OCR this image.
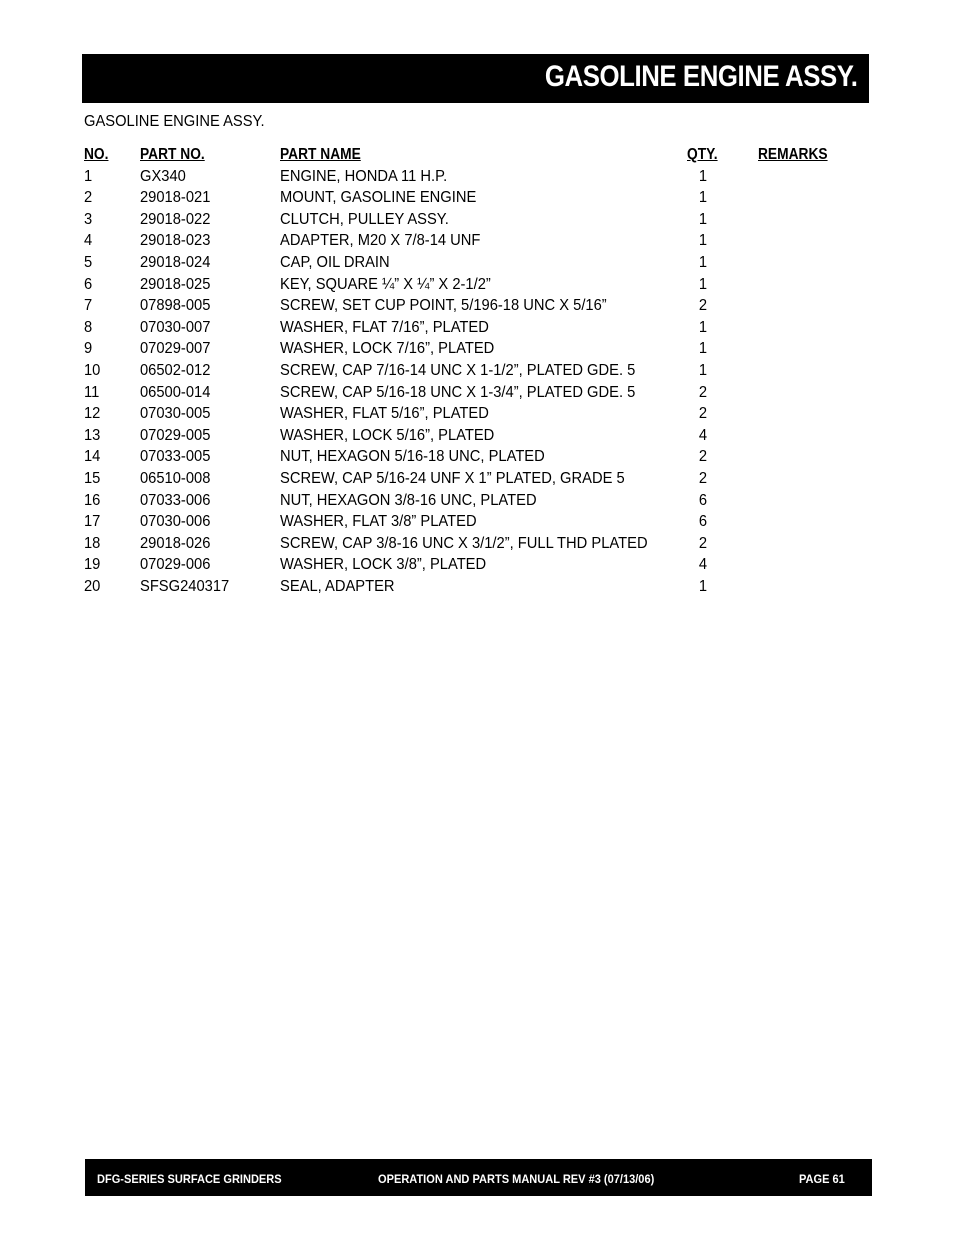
GASOLINE ENGINE ASSY.
GASOLINE ENGINE ASSY.
NO. PART NO.	PART NAME	QTY.	REMARKS
1	GX340	ENGINE, HONDA 11 H.P.	1
2	29018-021	MOUNT, GASOLINE ENGINE	1
3	29018-022	CLUTCH, PULLEY ASSY.	1
4	29018-023	ADAPTER, M20 X 7/8-14 UNF	1
5	29018-024	CAP, OIL DRAIN	1
6	29018-025	KEY, SQUARE ¼” X ¼” X 2-1/2”	1
7	07898-005	SCREW, SET CUP POINT, 5/196-18 UNC X 5/16”	2
8	07030-007	WASHER, FLAT 7/16”, PLATED	1
9	07029-007	WASHER, LOCK 7/16”, PLATED	1
10 06502-012	SCREW, CAP 7/16-14 UNC X 1-1/2”, PLATED GDE. 5	1
11	06500-014	SCREW, CAP 5/16-18 UNC X 1-3/4”, PLATED GDE. 5	2
12 07030-005	WASHER, FLAT 5/16”, PLATED	2
13 07029-005	WASHER, LOCK 5/16”, PLATED	4
14 07033-005	NUT, HEXAGON 5/16-18 UNC, PLATED	2
15 06510-008	SCREW, CAP 5/16-24 UNF X 1” PLATED, GRADE 5	2
16 07033-006	NUT, HEXAGON 3/8-16 UNC, PLATED	6
17 07030-006	WASHER, FLAT 3/8” PLATED	6
18 29018-026	SCREW, CAP 3/8-16 UNC X 3/1/2”, FULL THD PLATED	2
19 07029-006	WASHER, LOCK 3/8”, PLATED	4
20 SFSG240317	SEAL, ADAPTER	1
DFG-SERIES SURFACE GRINDERS	OPERATION AND PARTS MANUAL REV #3 (07/13/06)	PAGE 61
